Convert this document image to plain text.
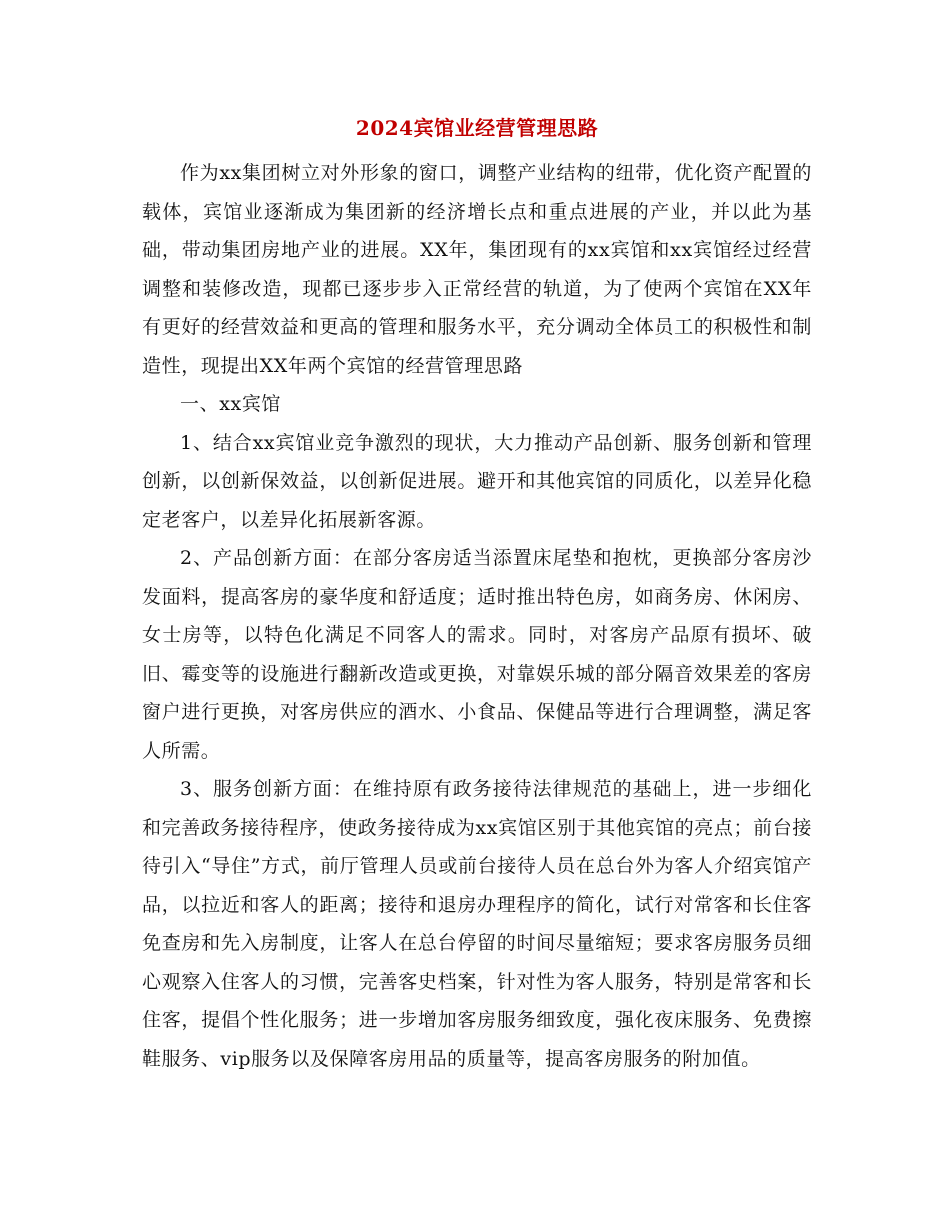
2024宾馆业经营管理思路

作为xx集团树立对外形象的窗口，调整产业结构的纽带，优化资产配置的载体，宾馆业逐渐成为集团新的经济增长点和重点进展的产业，并以此为基础，带动集团房地产业的进展。XX年，集团现有的xx宾馆和xx宾馆经过经营调整和装修改造，现都已逐步步入正常经营的轨道，为了使两个宾馆在XX年有更好的经营效益和更高的管理和服务水平，充分调动全体员工的积极性和制造性，现提出XX年两个宾馆的经营管理思路

一、xx宾馆

1、结合xx宾馆业竞争激烈的现状，大力推动产品创新、服务创新和管理创新，以创新保效益，以创新促进展。避开和其他宾馆的同质化，以差异化稳定老客户，以差异化拓展新客源。

2、产品创新方面：在部分客房适当添置床尾垫和抱枕，更换部分客房沙发面料，提高客房的豪华度和舒适度；适时推出特色房，如商务房、休闲房、女士房等，以特色化满足不同客人的需求。同时，对客房产品原有损坏、破旧、霉变等的设施进行翻新改造或更换，对靠娱乐城的部分隔音效果差的客房窗户进行更换，对客房供应的酒水、小食品、保健品等进行合理调整，满足客人所需。

3、服务创新方面：在维持原有政务接待法律规范的基础上，进一步细化和完善政务接待程序，使政务接待成为xx宾馆区别于其他宾馆的亮点；前台接待引入“导住”方式，前厅管理人员或前台接待人员在总台外为客人介绍宾馆产品，以拉近和客人的距离；接待和退房办理程序的简化，试行对常客和长住客免查房和先入房制度，让客人在总台停留的时间尽量缩短；要求客房服务员细心观察入住客人的习惯，完善客史档案，针对性为客人服务，特别是常客和长住客，提倡个性化服务；进一步增加客房服务细致度，强化夜床服务、免费擦鞋服务、vip服务以及保障客房用品的质量等，提高客房服务的附加值。
